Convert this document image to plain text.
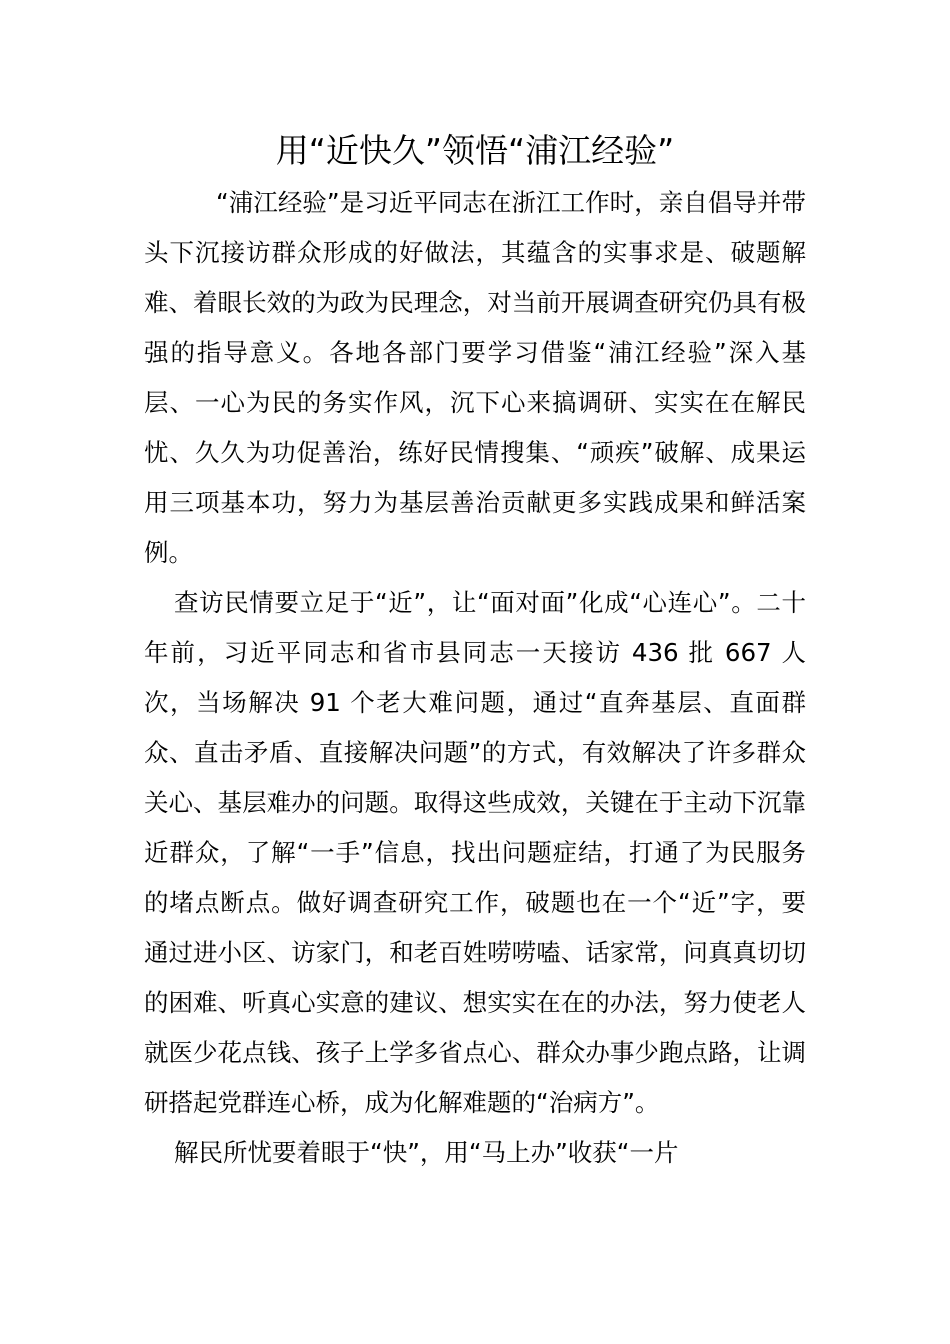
用“近快久”领悟“浦江经验”

“浦江经验”是习近平同志在浙江工作时，亲自倡导并带头下沉接访群众形成的好做法，其蕴含的实事求是、破题解难、着眼长效的为政为民理念，对当前开展调查研究仍具有极强的指导意义。各地各部门要学习借鉴“浦江经验”深入基层、一心为民的务实作风，沉下心来搞调研、实实在在解民忧、久久为功促善治，练好民情搜集、“顽疾”破解、成果运用三项基本功，努力为基层善治贡献更多实践成果和鲜活案例。

查访民情要立足于“近”，让“面对面”化成“心连心”。二十年前，习近平同志和省市县同志一天接访 436 批 667 人次，当场解决 91 个老大难问题，通过“直奔基层、直面群众、直击矛盾、直接解决问题”的方式，有效解决了许多群众关心、基层难办的问题。取得这些成效，关键在于主动下沉靠近群众，了解“一手”信息，找出问题症结，打通了为民服务的堵点断点。做好调查研究工作，破题也在一个“近”字，要通过进小区、访家门，和老百姓唠唠嗑、话家常，问真真切切的困难、听真心实意的建议、想实实在在的办法，努力使老人就医少花点钱、孩子上学多省点心、群众办事少跑点路，让调研搭起党群连心桥，成为化解难题的“治病方”。

解民所忧要着眼于“快”，用“马上办”收获“一片
